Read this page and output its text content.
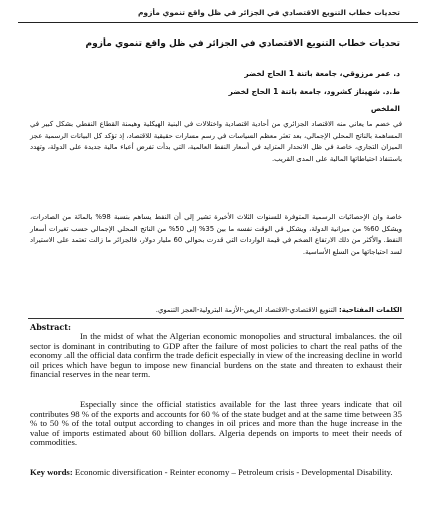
تحديات خطاب التنويع الاقتصادي في الجزائر في ظل واقع تنموي مأزوم
تحديات خطاب التنويع الاقتصادي في الجزائر في ظل واقع تنموي مأزوم
د. عمر مرزوقي، جامعة باتنة 1 الحاج لخضر
ط.د. شهيناز كشرود، جامعة باتنة 1 الحاج لخضر
الملخص

في خضم ما يعاني منه الاقتصاد الجزائري من أحادية اقتصادية واختلالات في البنية الهيكلية وهيمنة القطاع النفطي بشكل كبير في المساهمة بالناتج المحلي الإجمالي، بعد تعثر معظم السياسات في رسم مسارات حقيقية للاقتصاد، إذ تؤكد كل البيانات الرسمية عجز الميزان التجاري، خاصة في ظل الانحدار المتزايد في أسعار النفط العالمية، التي بدأت تفرض أعباء مالية جديدة على الدولة، وتهدد باستنفاذ احتياطاتها المالية على المدى القريب.

خاصة وان الإحصائيات الرسمية المتوفرة للسنوات الثلاث الأخيرة تشير إلى أن النفط يساهم بنسبة 98% بالمائة من الصادرات، ويشكل 60% من ميزانية الدولة، ويشكل في الوقت نفسه ما بين 35% إلى 50% من الناتج المحلي الإجمالي حسب تغيرات أسعار النفط. والأكثر من ذلك الارتفاع الضخم في قيمة الواردات التي قدرت بحوالي 60 مليار دولار، فالجزائر ما زالت تعتمد على الاستيراد لسد احتياجاتها من السلع الأساسية.

الكلمات المفتاحية: التنويع الاقتصادي-الاقتصاد الريعي-الأزمة البترولية-العجز التنموي.
Abstract:

In the midst of what the Algerian economic monopolies and structural imbalances. the oil sector is dominant in contributing to GDP after the failure of most policies to chart the real paths of the economy .all the official data confirm the trade deficit especially in view of the increasing decline in world oil prices which have begun to impose new financial burdens on the state and threaten to exhaust their financial reserves in the near term.

Especially since the official statistics available for the last three years indicate that oil contributes 98 % of the exports and accounts for 60 % of the state budget and at the same time between 35 % to 50 % of the total output according to changes in oil prices and more than the huge increase in the value of imports estimated about 60 billion dollars. Algeria depends on imports to meet their needs of commodities.

Key words: Economic diversification - Reinter economy – Petroleum crisis - Developmental Disability.
